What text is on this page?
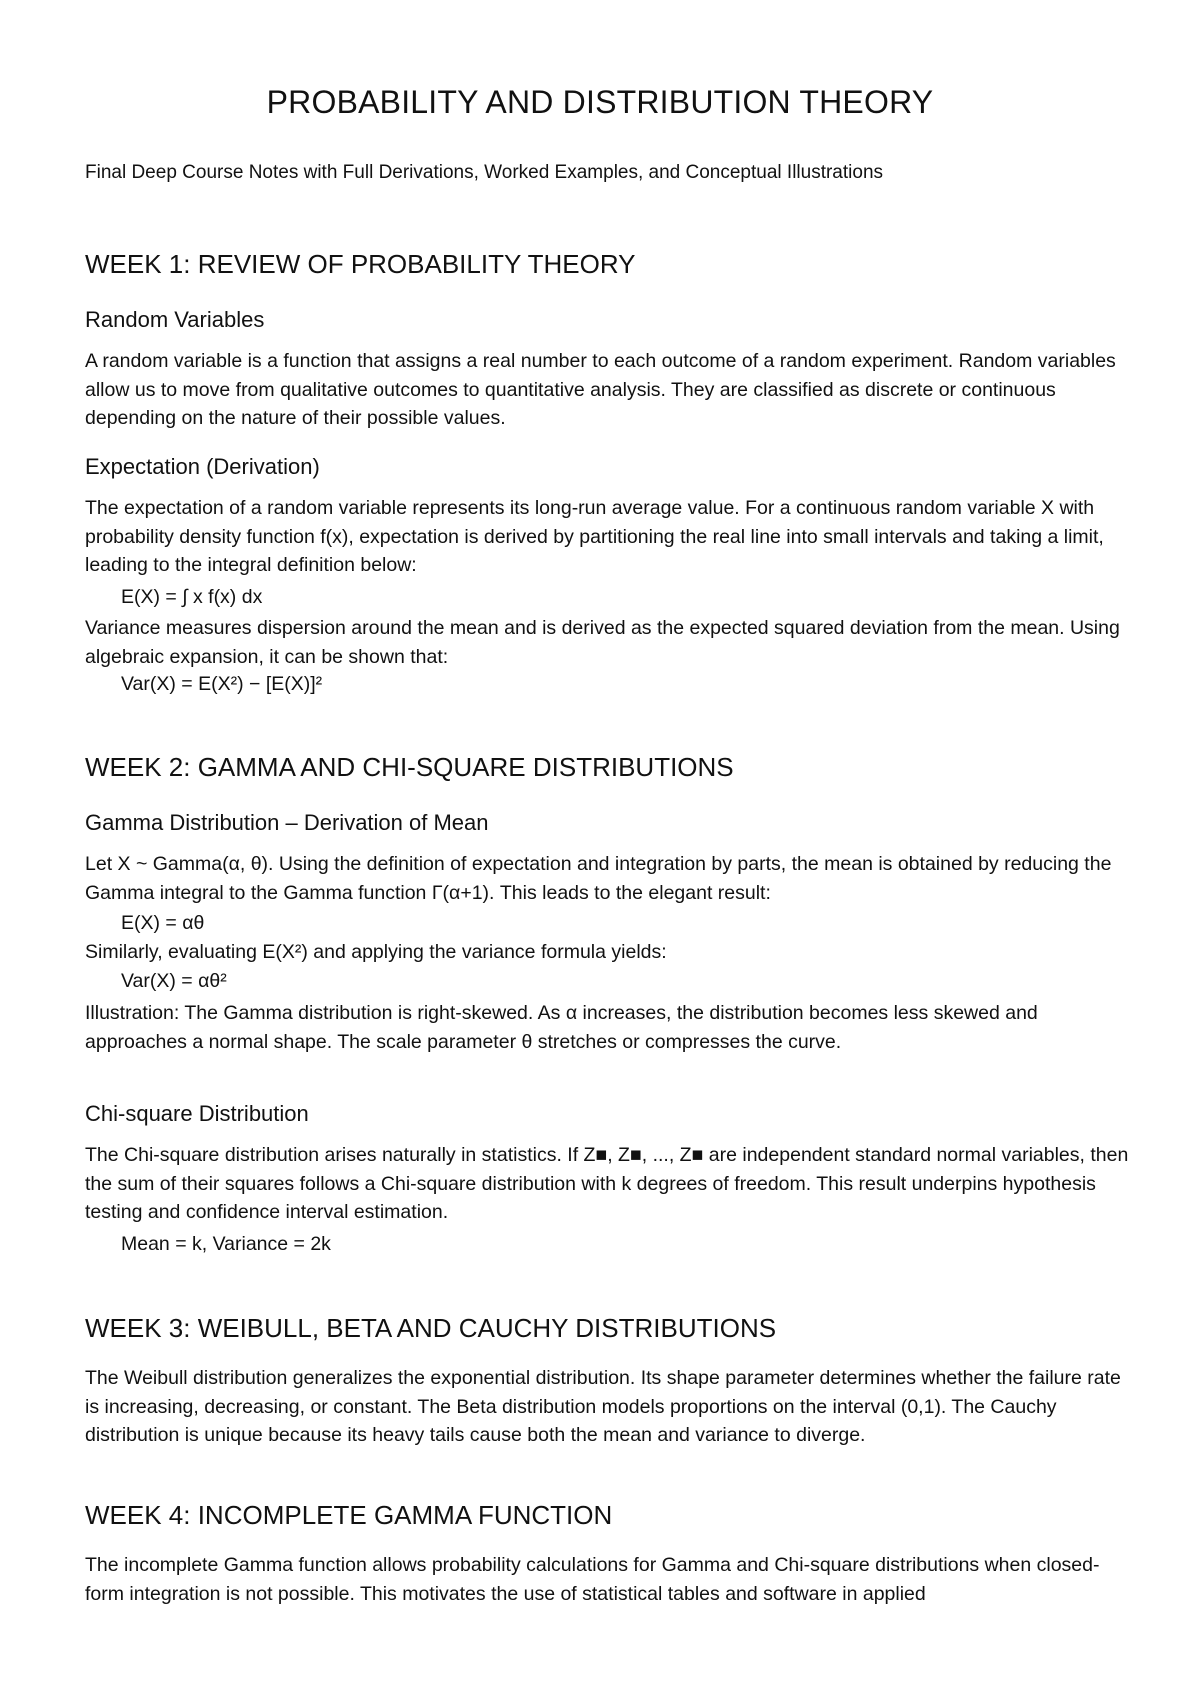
PROBABILITY AND DISTRIBUTION THEORY

Final Deep Course Notes with Full Derivations, Worked Examples, and Conceptual Illustrations

WEEK 1: REVIEW OF PROBABILITY THEORY
Random Variables

A random variable is a function that assigns a real number to each outcome of a random experiment. Random variables allow us to move from qualitative outcomes to quantitative analysis. They are classified as discrete or continuous depending on the nature of their possible values.

Expectation (Derivation)

The expectation of a random variable represents its long-run average value. For a continuous random variable X with probability density function f(x), expectation is derived by partitioning the real line into small intervals and taking a limit, leading to the integral definition below:

E(X) = ∫ x f(x) dx

Variance measures dispersion around the mean and is derived as the expected squared deviation from the mean. Using algebraic expansion, it can be shown that:

Var(X) = E(X²) − [E(X)]²

WEEK 2: GAMMA AND CHI-SQUARE DISTRIBUTIONS
Gamma Distribution – Derivation of Mean

Let X ~ Gamma(α, θ). Using the definition of expectation and integration by parts, the mean is obtained by reducing the Gamma integral to the Gamma function Γ(α+1). This leads to the elegant result:

E(X) = αθ

Similarly, evaluating E(X²) and applying the variance formula yields:

Var(X) = αθ²

Illustration: The Gamma distribution is right-skewed. As α increases, the distribution becomes less skewed and approaches a normal shape. The scale parameter θ stretches or compresses the curve.

Chi-square Distribution

The Chi-square distribution arises naturally in statistics. If Z■, Z■, ..., Z■ are independent standard normal variables, then the sum of their squares follows a Chi-square distribution with k degrees of freedom. This result underpins hypothesis testing and confidence interval estimation.

Mean = k, Variance = 2k

WEEK 3: WEIBULL, BETA AND CAUCHY DISTRIBUTIONS

The Weibull distribution generalizes the exponential distribution. Its shape parameter determines whether the failure rate is increasing, decreasing, or constant. The Beta distribution models proportions on the interval (0,1). The Cauchy distribution is unique because its heavy tails cause both the mean and variance to diverge.

WEEK 4: INCOMPLETE GAMMA FUNCTION

The incomplete Gamma function allows probability calculations for Gamma and Chi-square distributions when closed-form integration is not possible. This motivates the use of statistical tables and software in applied
